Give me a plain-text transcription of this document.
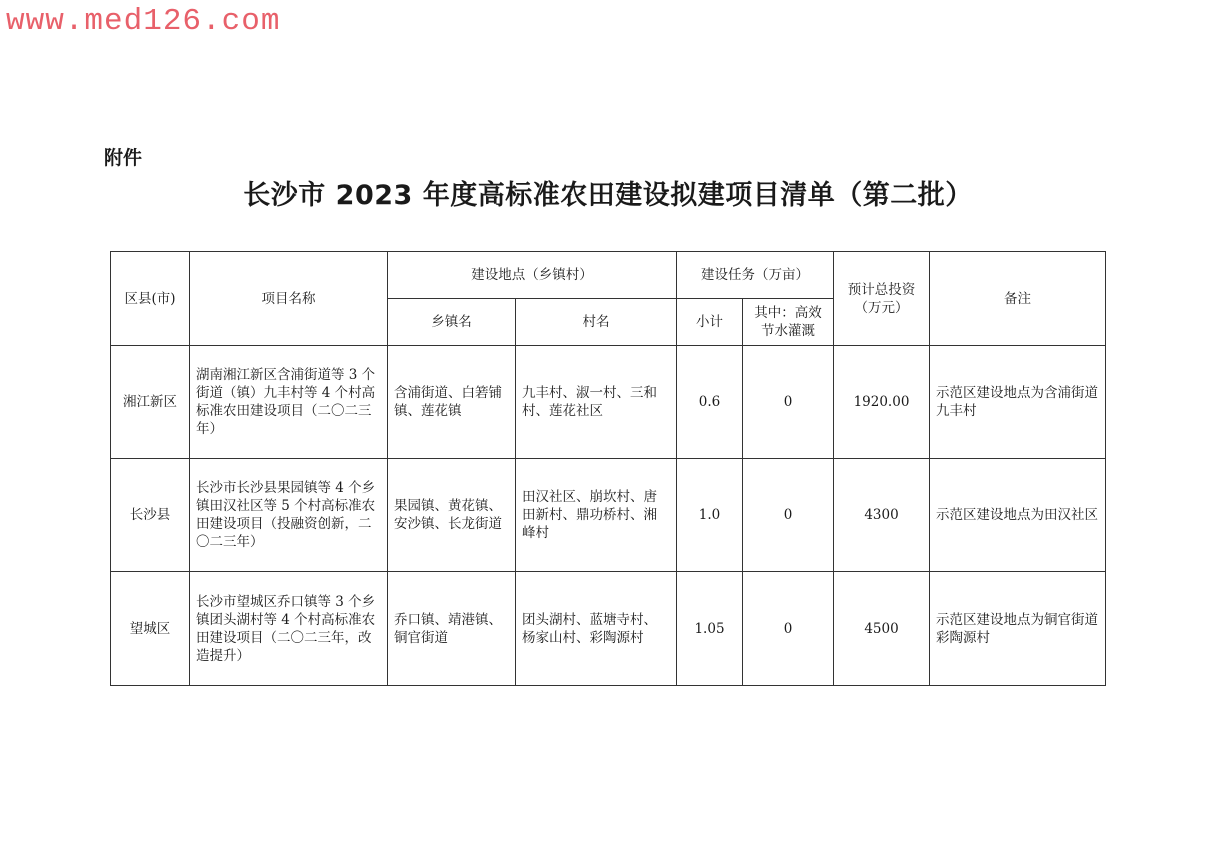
www.med126.com
附件
长沙市 2023 年度高标准农田建设拟建项目清单（第二批）
区县(市)	项目名称	建设地点（乡镇村）		建设任务（万亩）		预计总投资（万元）	备注
		乡镇名	村名	小计	其中：高效节水灌溉		
湘江新区	湖南湘江新区含浦街道等 3 个街道（镇）九丰村等 4 个村高标准农田建设项目（二〇二三年）	含浦街道、白箬铺镇、莲花镇	九丰村、淑一村、三和村、莲花社区	0.6	0	1920.00	示范区建设地点为含浦街道九丰村
长沙县	长沙市长沙县果园镇等 4 个乡镇田汉社区等 5 个村高标准农田建设项目（投融资创新，二〇二三年）	果园镇、黄花镇、安沙镇、长龙街道	田汉社区、崩坎村、唐田新村、鼎功桥村、湘峰村	1.0	0	4300	示范区建设地点为田汉社区
望城区	长沙市望城区乔口镇等 3 个乡镇团头湖村等 4 个村高标准农田建设项目（二〇二三年，改造提升）	乔口镇、靖港镇、铜官街道	团头湖村、蓝塘寺村、杨家山村、彩陶源村	1.05	0	4500	示范区建设地点为铜官街道彩陶源村
